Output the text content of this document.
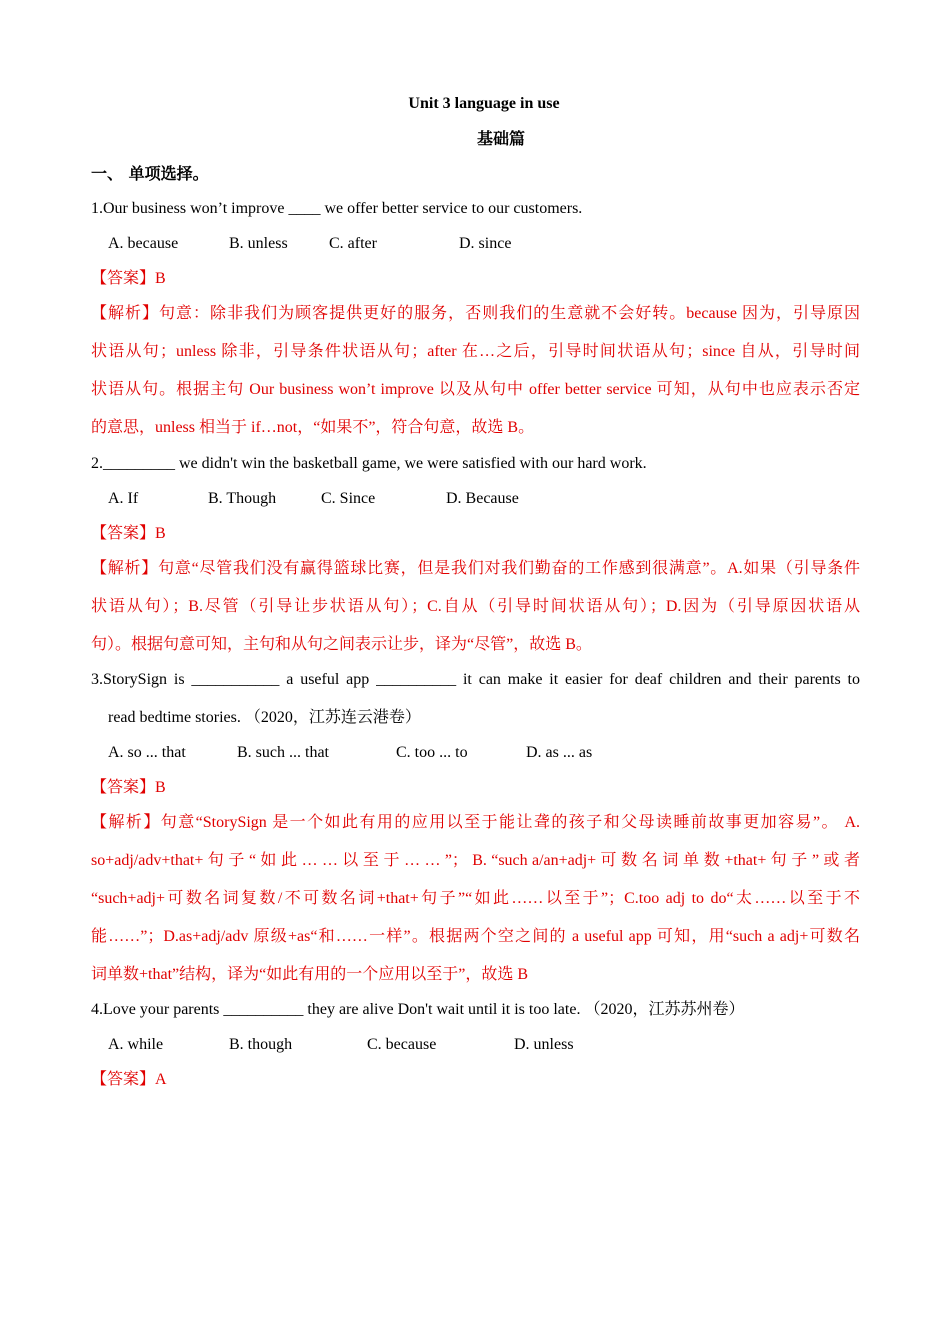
Unit 3 language in use
基础篇
一、 单项选择。
1.Our business won’t improve ____ we offer better service to our customers.
A. because	B. unless	C. after	D. since
【答案】B
【解析】句意：除非我们为顾客提供更好的服务，否则我们的生意就不会好转。because 因为，引导原因
状语从句；unless 除非，引导条件状语从句；after 在…之后，引导时间状语从句；since 自从，引导时间
状语从句。根据主句 Our business won’t improve 以及从句中 offer better service 可知，从句中也应表示否定
的意思，unless 相当于 if…not，“如果不”，符合句意，故选 B。
2._________ we didn't win the basketball game, we were satisfied with our hard work.
A. If	B. Though	C. Since	D. Because
【答案】B
【解析】句意“尽管我们没有赢得篮球比赛，但是我们对我们勤奋的工作感到很满意”。A.如果（引导条件
状语从句）；B.尽管（引导让步状语从句）；C.自从（引导时间状语从句）；D.因为（引导原因状语从
句）。根据句意可知，主句和从句之间表示让步，译为“尽管”，故选 B。
3.StorySign is ___________ a useful app __________ it can make it easier for deaf children and their parents to
read bedtime stories. （2020，江苏连云港卷）
A. so ... that	B. such ... that	C. too ... to	D. as ... as
【答案】B
【解析】句意“StorySign 是一个如此有用的应用以至于能让聋的孩子和父母读睡前故事更加容易”。 A.
so+adj/adv+that+ 句 子 “ 如 此 … … 以 至 于 … … ”； B. “such a/an+adj+ 可 数 名 词 单 数 +that+ 句 子 ” 或 者
“such+adj+可数名词复数/不可数名词+that+句子”“如此……以至于”；C.too adj to do“太……以至于不
能……”；D.as+adj/adv 原级+as“和……一样”。根据两个空之间的 a useful app 可知，用“such a adj+可数名
词单数+that”结构，译为“如此有用的一个应用以至于”，故选 B
4.Love your parents __________ they are alive Don't wait until it is too late. （2020，江苏苏州卷）
A. while	B. though	C. because	D. unless
【答案】A
